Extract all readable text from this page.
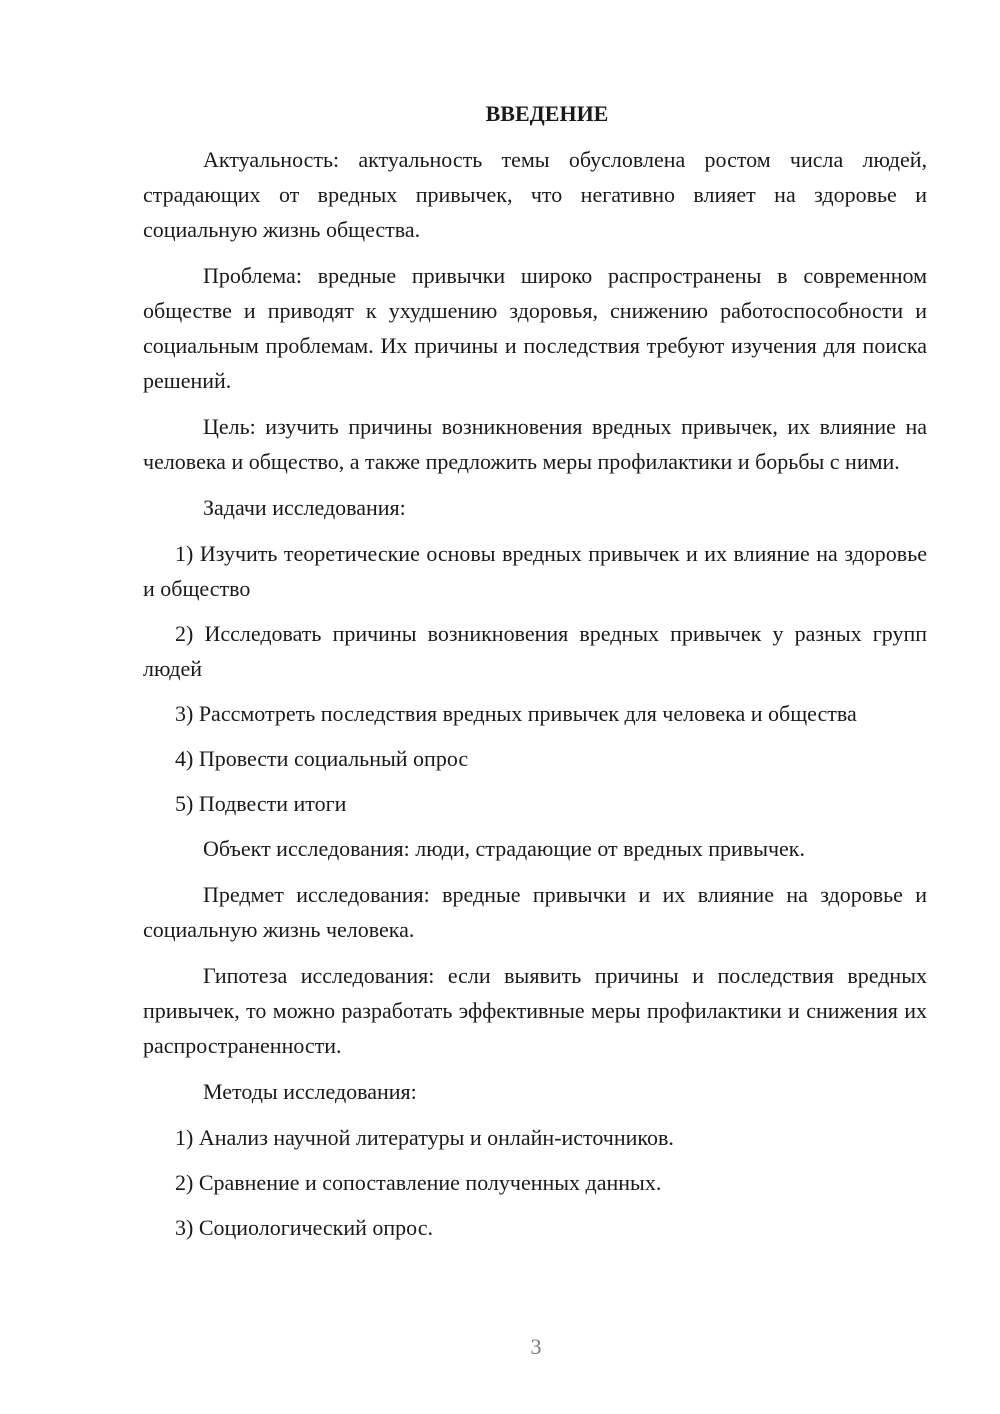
ВВЕДЕНИЕ

Актуальность: актуальность темы обусловлена ростом числа людей, страдающих от вредных привычек, что негативно влияет на здоровье и социальную жизнь общества.

Проблема: вредные привычки широко распространены в современном обществе и приводят к ухудшению здоровья, снижению работоспособности и социальным проблемам. Их причины и последствия требуют изучения для поиска решений.

Цель: изучить причины возникновения вредных привычек, их влияние на человека и общество, а также предложить меры профилактики и борьбы с ними.

Задачи исследования:

1) Изучить теоретические основы вредных привычек и их влияние на здоровье и общество

2) Исследовать причины возникновения вредных привычек у разных групп людей

3) Рассмотреть последствия вредных привычек для человека и общества

4) Провести социальный опрос

5) Подвести итоги

Объект исследования: люди, страдающие от вредных привычек.

Предмет исследования: вредные привычки и их влияние на здоровье и социальную жизнь человека.

Гипотеза исследования: если выявить причины и последствия вредных привычек, то можно разработать эффективные меры профилактики и снижения их распространенности.

Методы исследования:

1) Анализ научной литературы и онлайн-источников.

2) Сравнение и сопоставление полученных данных.

3) Социологический опрос.

3
